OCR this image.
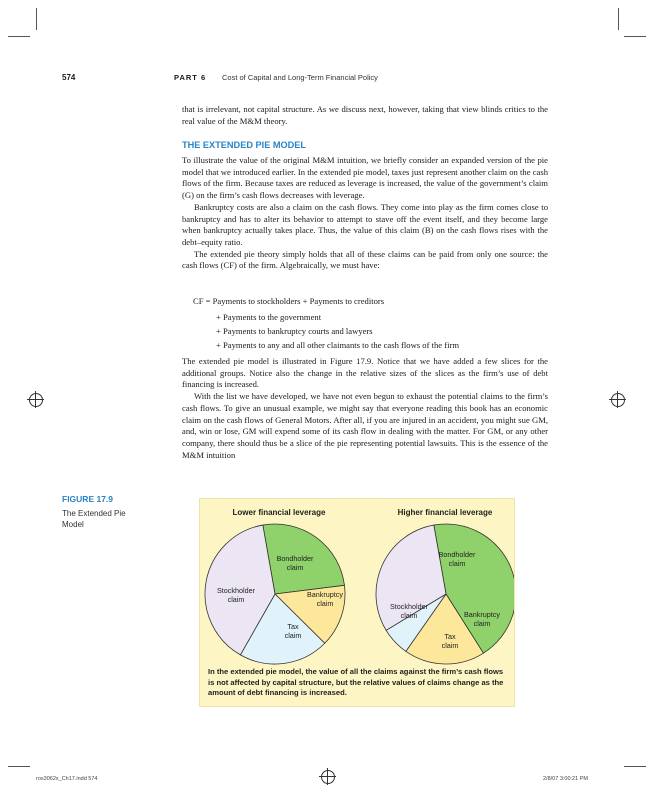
574	PART 6 Cost of Capital and Long-Term Financial Policy

that is irrelevant, not capital structure. As we discuss next, however, taking that view blinds critics to the real value of the M&M theory.

THE EXTENDED PIE MODEL

To illustrate the value of the original M&M intuition, we briefly consider an expanded version of the pie model that we introduced earlier. In the extended pie model, taxes just represent another claim on the cash flows of the firm. Because taxes are reduced as leverage is increased, the value of the government’s claim (G) on the firm’s cash flows decreases with leverage.

Bankruptcy costs are also a claim on the cash flows. They come into play as the firm comes close to bankruptcy and has to alter its behavior to attempt to stave off the event itself, and they become large when bankruptcy actually takes place. Thus, the value of this claim (B) on the cash flows rises with the debt–equity ratio.

The extended pie theory simply holds that all of these claims can be paid from only one source: the cash flows (CF) of the firm. Algebraically, we must have:

CF = Payments to stockholders + Payments to creditors
+ Payments to the government
+ Payments to bankruptcy courts and lawyers
+ Payments to any and all other claimants to the cash flows of the firm

The extended pie model is illustrated in Figure 17.9. Notice that we have added a few slices for the additional groups. Notice also the change in the relative sizes of the slices as the firm’s use of debt financing is increased.

With the list we have developed, we have not even begun to exhaust the potential claims to the firm’s cash flows. To give an unusual example, we might say that everyone reading this book has an economic claim on the cash flows of General Motors. After all, if you are injured in an accident, you might sue GM, and, win or lose, GM will expend some of its cash flow in dealing with the matter. For GM, or any other company, there should thus be a slice of the pie representing potential lawsuits. This is the essence of the M&M intuition

FIGURE 17.9
The Extended Pie Model
Lower financial leverage
Bondholder claim
Bankruptcy claim
Tax claim
Stockholder claim
Higher financial leverage
Bondholder claim
Bankruptcy claim
Tax claim
Stockholder claim
In the extended pie model, the value of all the claims against the firm’s cash flows is not affected by capital structure, but the relative values of claims change as the amount of debt financing is increased.
ros3062x_Ch17.indd 574	2/8/07 3:00:21 PM
